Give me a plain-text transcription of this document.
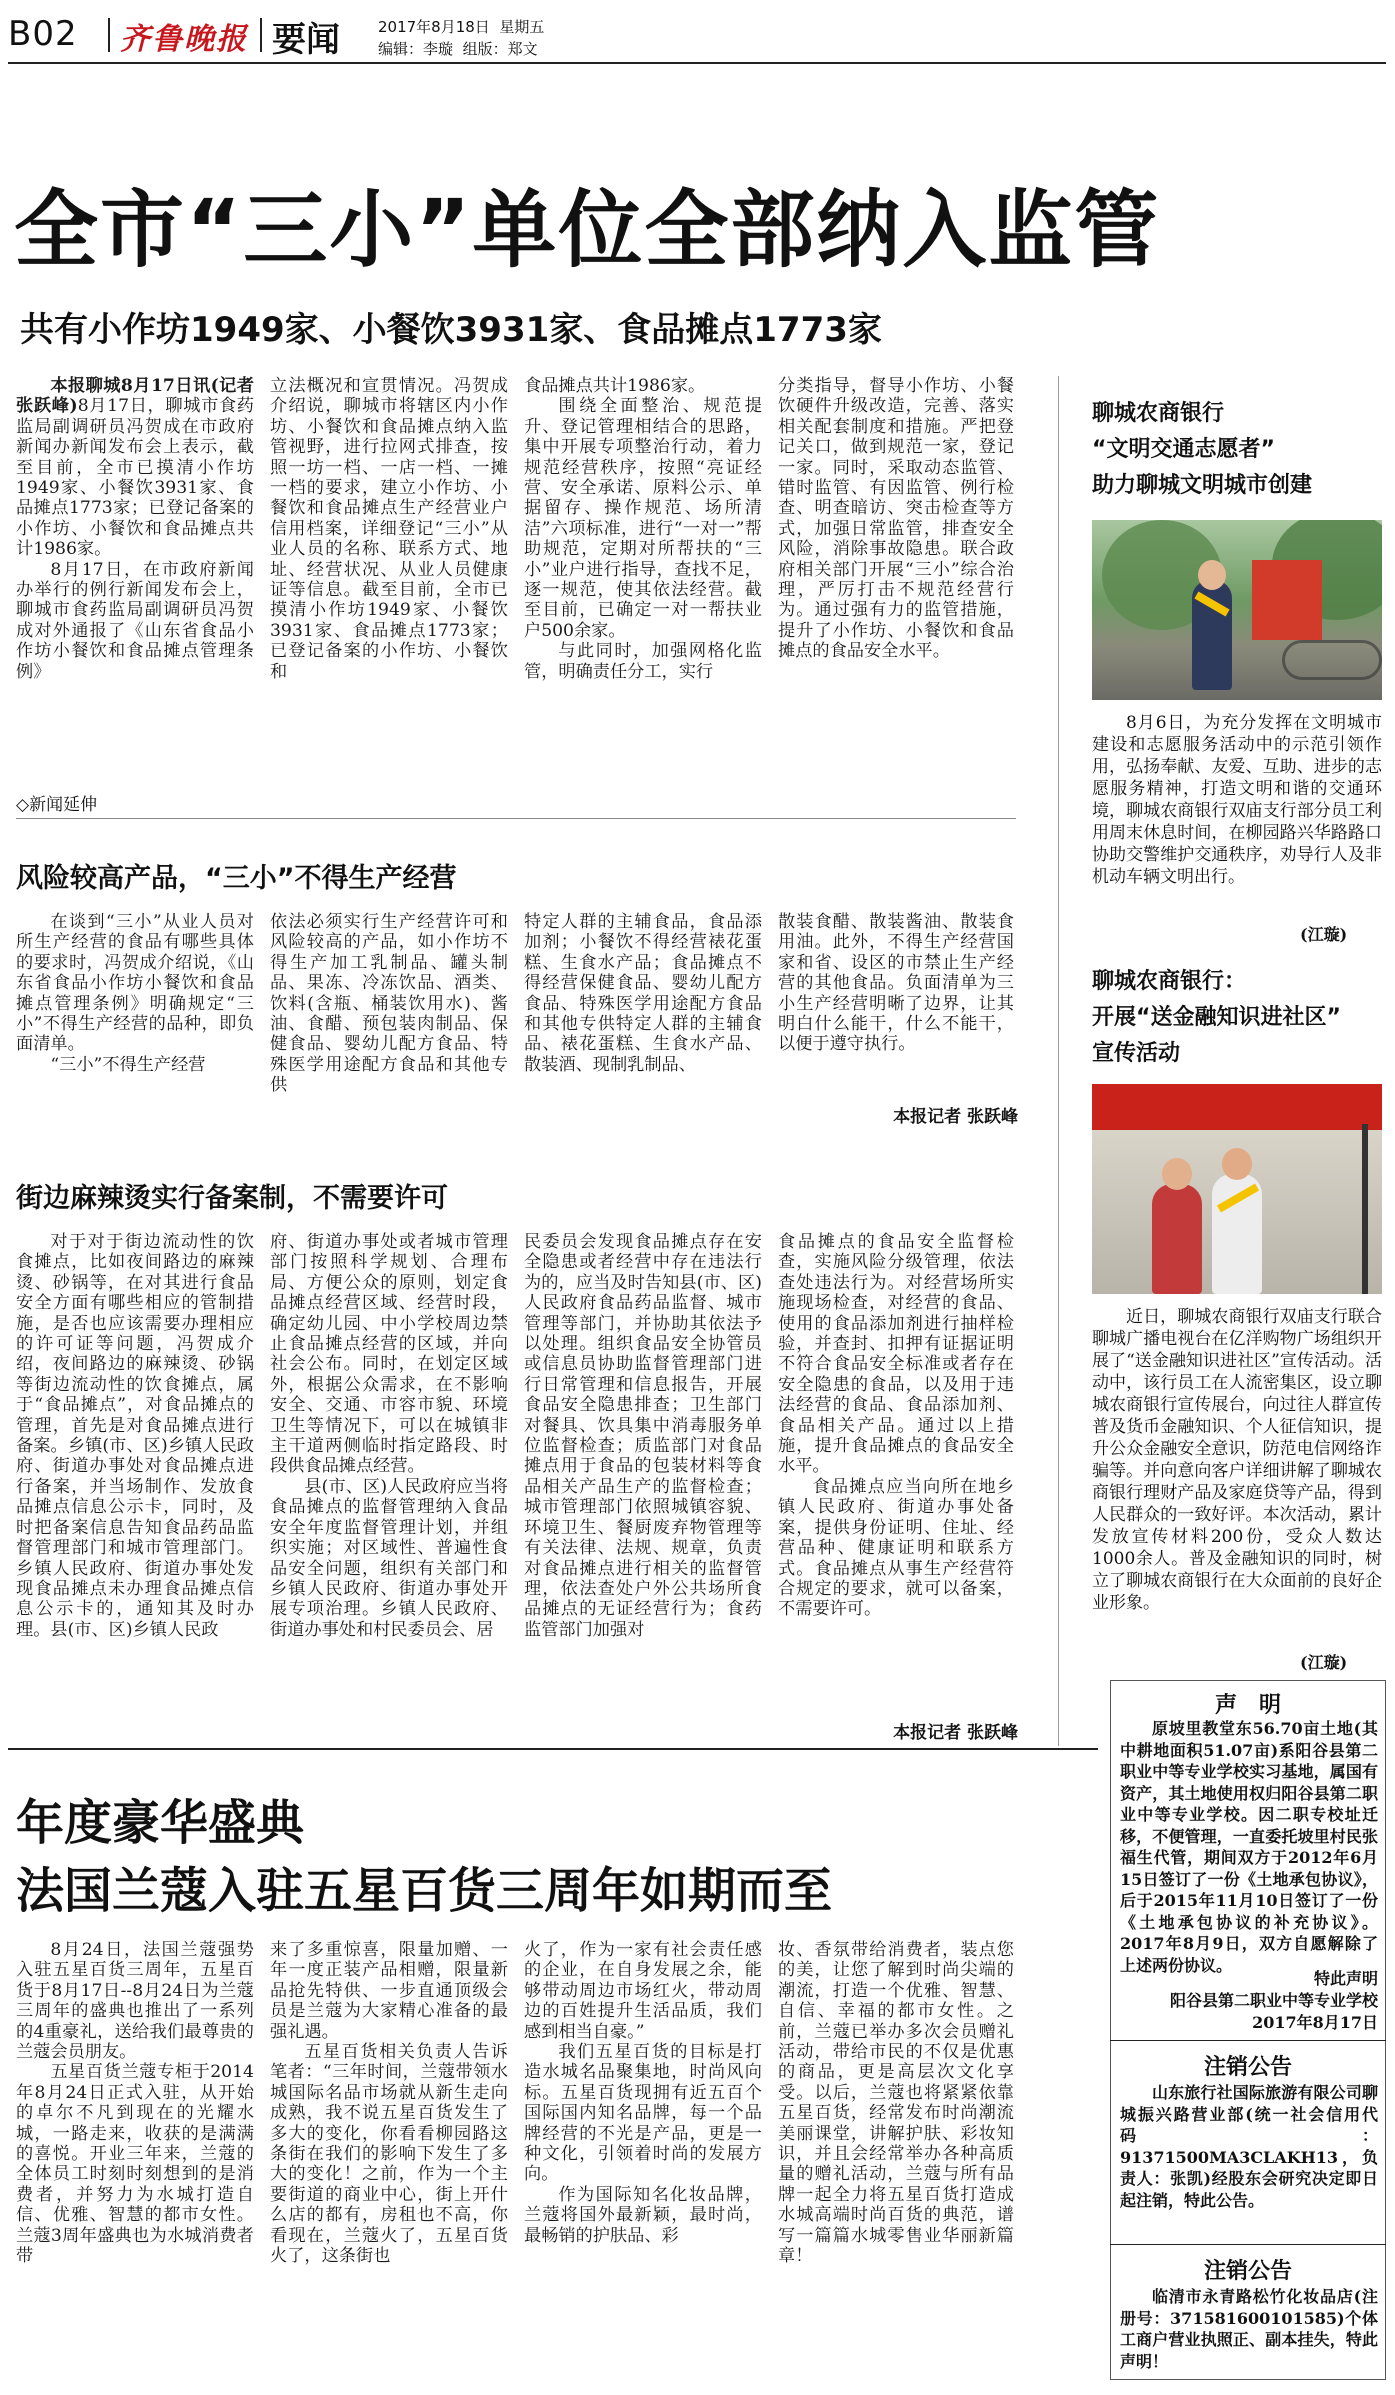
B02 齐鲁晚报 要闻	2017年8月18日 星期五
编辑：李璇 组版：郑文
全市“三小”单位全部纳入监管
共有小作坊1949家、小餐饮3931家、食品摊点1773家

本报聊城8月17日讯(记者 张跃峰)8月17日，聊城市食药监局副调研员冯贺成在市政府新闻办新闻发布会上表示，截至目前，全市已摸清小作坊1949家、小餐饮3931家、食品摊点1773家；已登记备案的小作坊、小餐饮和食品摊点共计1986家。

8月17日，在市政府新闻办举行的例行新闻发布会上，聊城市食药监局副调研员冯贺成对外通报了《山东省食品小作坊小餐饮和食品摊点管理条例》

立法概况和宣贯情况。冯贺成介绍说，聊城市将辖区内小作坊、小餐饮和食品摊点纳入监管视野，进行拉网式排查，按照一坊一档、一店一档、一摊一档的要求，建立小作坊、小餐饮和食品摊点生产经营业户信用档案，详细登记“三小”从业人员的名称、联系方式、地址、经营状况、从业人员健康证等信息。截至目前，全市已摸清小作坊1949家、小餐饮3931家、食品摊点1773家；已登记备案的小作坊、小餐饮和

食品摊点共计1986家。

围绕全面整治、规范提升、登记管理相结合的思路，集中开展专项整治行动，着力规范经营秩序，按照“亮证经营、安全承诺、原料公示、单据留存、操作规范、场所清洁”六项标准，进行“一对一”帮助规范，定期对所帮扶的“三小”业户进行指导，查找不足，逐一规范，使其依法经营。截至目前，已确定一对一帮扶业户500余家。

与此同时，加强网格化监管，明确责任分工，实行

分类指导，督导小作坊、小餐饮硬件升级改造，完善、落实相关配套制度和措施。严把登记关口，做到规范一家，登记一家。同时，采取动态监管、错时监管、有因监管、例行检查、明查暗访、突击检查等方式，加强日常监管，排查安全风险，消除事故隐患。联合政府相关部门开展“三小”综合治理，严厉打击不规范经营行为。通过强有力的监管措施，提升了小作坊、小餐饮和食品摊点的食品安全水平。

◇新闻延伸
风险较高产品，“三小”不得生产经营

在谈到“三小”从业人员对所生产经营的食品有哪些具体的要求时，冯贺成介绍说，《山东省食品小作坊小餐饮和食品摊点管理条例》明确规定“三小”不得生产经营的品种，即负面清单。

“三小”不得生产经营

依法必须实行生产经营许可和风险较高的产品，如小作坊不得生产加工乳制品、罐头制品、果冻、冷冻饮品、酒类、饮料(含瓶、桶装饮用水)、酱油、食醋、预包装肉制品、保健食品、婴幼儿配方食品、特殊医学用途配方食品和其他专供

特定人群的主辅食品，食品添加剂；小餐饮不得经营裱花蛋糕、生食水产品；食品摊点不得经营保健食品、婴幼儿配方食品、特殊医学用途配方食品和其他专供特定人群的主辅食品、裱花蛋糕、生食水产品、散装酒、现制乳制品、

散装食醋、散装酱油、散装食用油。此外，不得生产经营国家和省、设区的市禁止生产经营的其他食品。负面清单为三小生产经营明晰了边界，让其明白什么能干，什么不能干，以便于遵守执行。

本报记者 张跃峰
街边麻辣烫实行备案制，不需要许可

对于对于街边流动性的饮食摊点，比如夜间路边的麻辣烫、砂锅等，在对其进行食品安全方面有哪些相应的管制措施，是否也应该需要办理相应的许可证等问题，冯贺成介绍，夜间路边的麻辣烫、砂锅等街边流动性的饮食摊点，属于“食品摊点”，对食品摊点的管理，首先是对食品摊点进行备案。乡镇(市、区)乡镇人民政府、街道办事处对食品摊点进行备案，并当场制作、发放食品摊点信息公示卡，同时，及时把备案信息告知食品药品监督管理部门和城市管理部门。乡镇人民政府、街道办事处发现食品摊点未办理食品摊点信息公示卡的，通知其及时办理。县(市、区)乡镇人民政

府、街道办事处或者城市管理部门按照科学规划、合理布局、方便公众的原则，划定食品摊点经营区域、经营时段，确定幼儿园、中小学校周边禁止食品摊点经营的区域，并向社会公布。同时，在划定区域外，根据公众需求，在不影响安全、交通、市容市貌、环境卫生等情况下，可以在城镇非主干道两侧临时指定路段、时段供食品摊点经营。

县(市、区)人民政府应当将食品摊点的监督管理纳入食品安全年度监督管理计划，并组织实施；对区域性、普遍性食品安全问题，组织有关部门和乡镇人民政府、街道办事处开展专项治理。乡镇人民政府、街道办事处和村民委员会、居

民委员会发现食品摊点存在安全隐患或者经营中存在违法行为的，应当及时告知县(市、区)人民政府食品药品监督、城市管理等部门，并协助其依法予以处理。组织食品安全协管员或信息员协助监督管理部门进行日常管理和信息报告，开展食品安全隐患排查；卫生部门对餐具、饮具集中消毒服务单位监督检查；质监部门对食品摊点用于食品的包装材料等食品相关产品生产的监督检查；城市管理部门依照城镇容貌、环境卫生、餐厨废弃物管理等有关法律、法规、规章，负责对食品摊点进行相关的监督管理，依法查处户外公共场所食品摊点的无证经营行为；食药监管部门加强对

食品摊点的食品安全监督检查，实施风险分级管理，依法查处违法行为。对经营场所实施现场检查，对经营的食品、使用的食品添加剂进行抽样检验，并查封、扣押有证据证明不符合食品安全标准或者存在安全隐患的食品，以及用于违法经营的食品、食品添加剂、食品相关产品。通过以上措施，提升食品摊点的食品安全水平。

食品摊点应当向所在地乡镇人民政府、街道办事处备案，提供身份证明、住址、经营品种、健康证明和联系方式。食品摊点从事生产经营符合规定的要求，就可以备案，不需要许可。

本报记者 张跃峰
年度豪华盛典
法国兰蔻入驻五星百货三周年如期而至

8月24日，法国兰蔻强势入驻五星百货三周年，五星百货于8月17日--8月24日为兰蔻三周年的盛典也推出了一系列的4重豪礼，送给我们最尊贵的兰蔻会员朋友。

五星百货兰蔻专柜于2014年8月24日正式入驻，从开始的卓尔不凡到现在的光耀水城，一路走来，收获的是满满的喜悦。开业三年来，兰蔻的全体员工时刻时刻想到的是消费者，并努力为水城打造自信、优雅、智慧的都市女性。兰蔻3周年盛典也为水城消费者带

来了多重惊喜，限量加赠、一年一度正装产品相赠，限量新品抢先特供、一步直通顶级会员是兰蔻为大家精心准备的最强礼遇。

五星百货相关负责人告诉笔者：“三年时间，兰蔻带领水城国际名品市场就从新生走向成熟，我不说五星百货发生了多大的变化，你看看柳园路这条街在我们的影响下发生了多大的变化！之前，作为一个主要街道的商业中心，街上开什么店的都有，房租也不高，你看现在，兰蔻火了，五星百货火了，这条街也

火了，作为一家有社会责任感的企业，在自身发展之余，能够带动周边市场红火，带动周边的百姓提升生活品质，我们感到相当自豪。”

我们五星百货的目标是打造水城名品聚集地，时尚风向标。五星百货现拥有近五百个国际国内知名品牌，每一个品牌经营的不光是产品，更是一种文化，引领着时尚的发展方向。

作为国际知名化妆品牌，兰蔻将国外最新颖，最时尚，最畅销的护肤品、彩

妆、香氛带给消费者，装点您的美，让您了解到时尚尖端的潮流，打造一个优雅、智慧、自信、幸福的都市女性。之前，兰蔻已举办多次会员赠礼活动，带给市民的不仅是优惠的商品，更是高层次文化享受。以后，兰蔻也将紧紧依靠五星百货，经常发布时尚潮流美丽课堂，讲解护肤、彩妆知识，并且会经常举办各种高质量的赠礼活动，兰蔻与所有品牌一起全力将五星百货打造成水城高端时尚百货的典范，谱写一篇篇水城零售业华丽新篇章！

聊城农商银行
“文明交通志愿者”
助力聊城文明城市创建

8月6日，为充分发挥在文明城市建设和志愿服务活动中的示范引领作用，弘扬奉献、友爱、互助、进步的志愿服务精神，打造文明和谐的交通环境，聊城农商银行双庙支行部分员工利用周末休息时间，在柳园路兴华路路口协助交警维护交通秩序，劝导行人及非机动车辆文明出行。

(江璇)
聊城农商银行：
开展“送金融知识进社区”
宣传活动

近日，聊城农商银行双庙支行联合聊城广播电视台在亿洋购物广场组织开展了“送金融知识进社区”宣传活动。活动中，该行员工在人流密集区，设立聊城农商银行宣传展台，向过往人群宣传普及货币金融知识、个人征信知识，提升公众金融安全意识，防范电信网络诈骗等。并向意向客户详细讲解了聊城农商银行理财产品及家庭贷等产品，得到人民群众的一致好评。本次活动，累计发放宣传材料200份，受众人数达1000余人。普及金融知识的同时，树立了聊城农商银行在大众面前的良好企业形象。

(江璇)
声　明

原坡里教堂东56.70亩土地(其中耕地面积51.07亩)系阳谷县第二职业中等专业学校实习基地，属国有资产，其土地使用权归阳谷县第二职业中等专业学校。因二职专校址迁移，不便管理，一直委托坡里村民张福生代管，期间双方于2012年6月15日签订了一份《土地承包协议》，后于2015年11月10日签订了一份《土地承包协议的补充协议》。2017年8月9日，双方自愿解除了上述两份协议。

特此声明
阳谷县第二职业中等专业学校
2017年8月17日
注销公告

山东旅行社国际旅游有限公司聊城振兴路营业部(统一社会信用代码：91371500MA3CLAKH13，负责人：张凯)经股东会研究决定即日起注销，特此公告。

注销公告

临清市永青路松竹化妆品店(注册号：371581600101585)个体工商户营业执照正、副本挂失，特此声明！
